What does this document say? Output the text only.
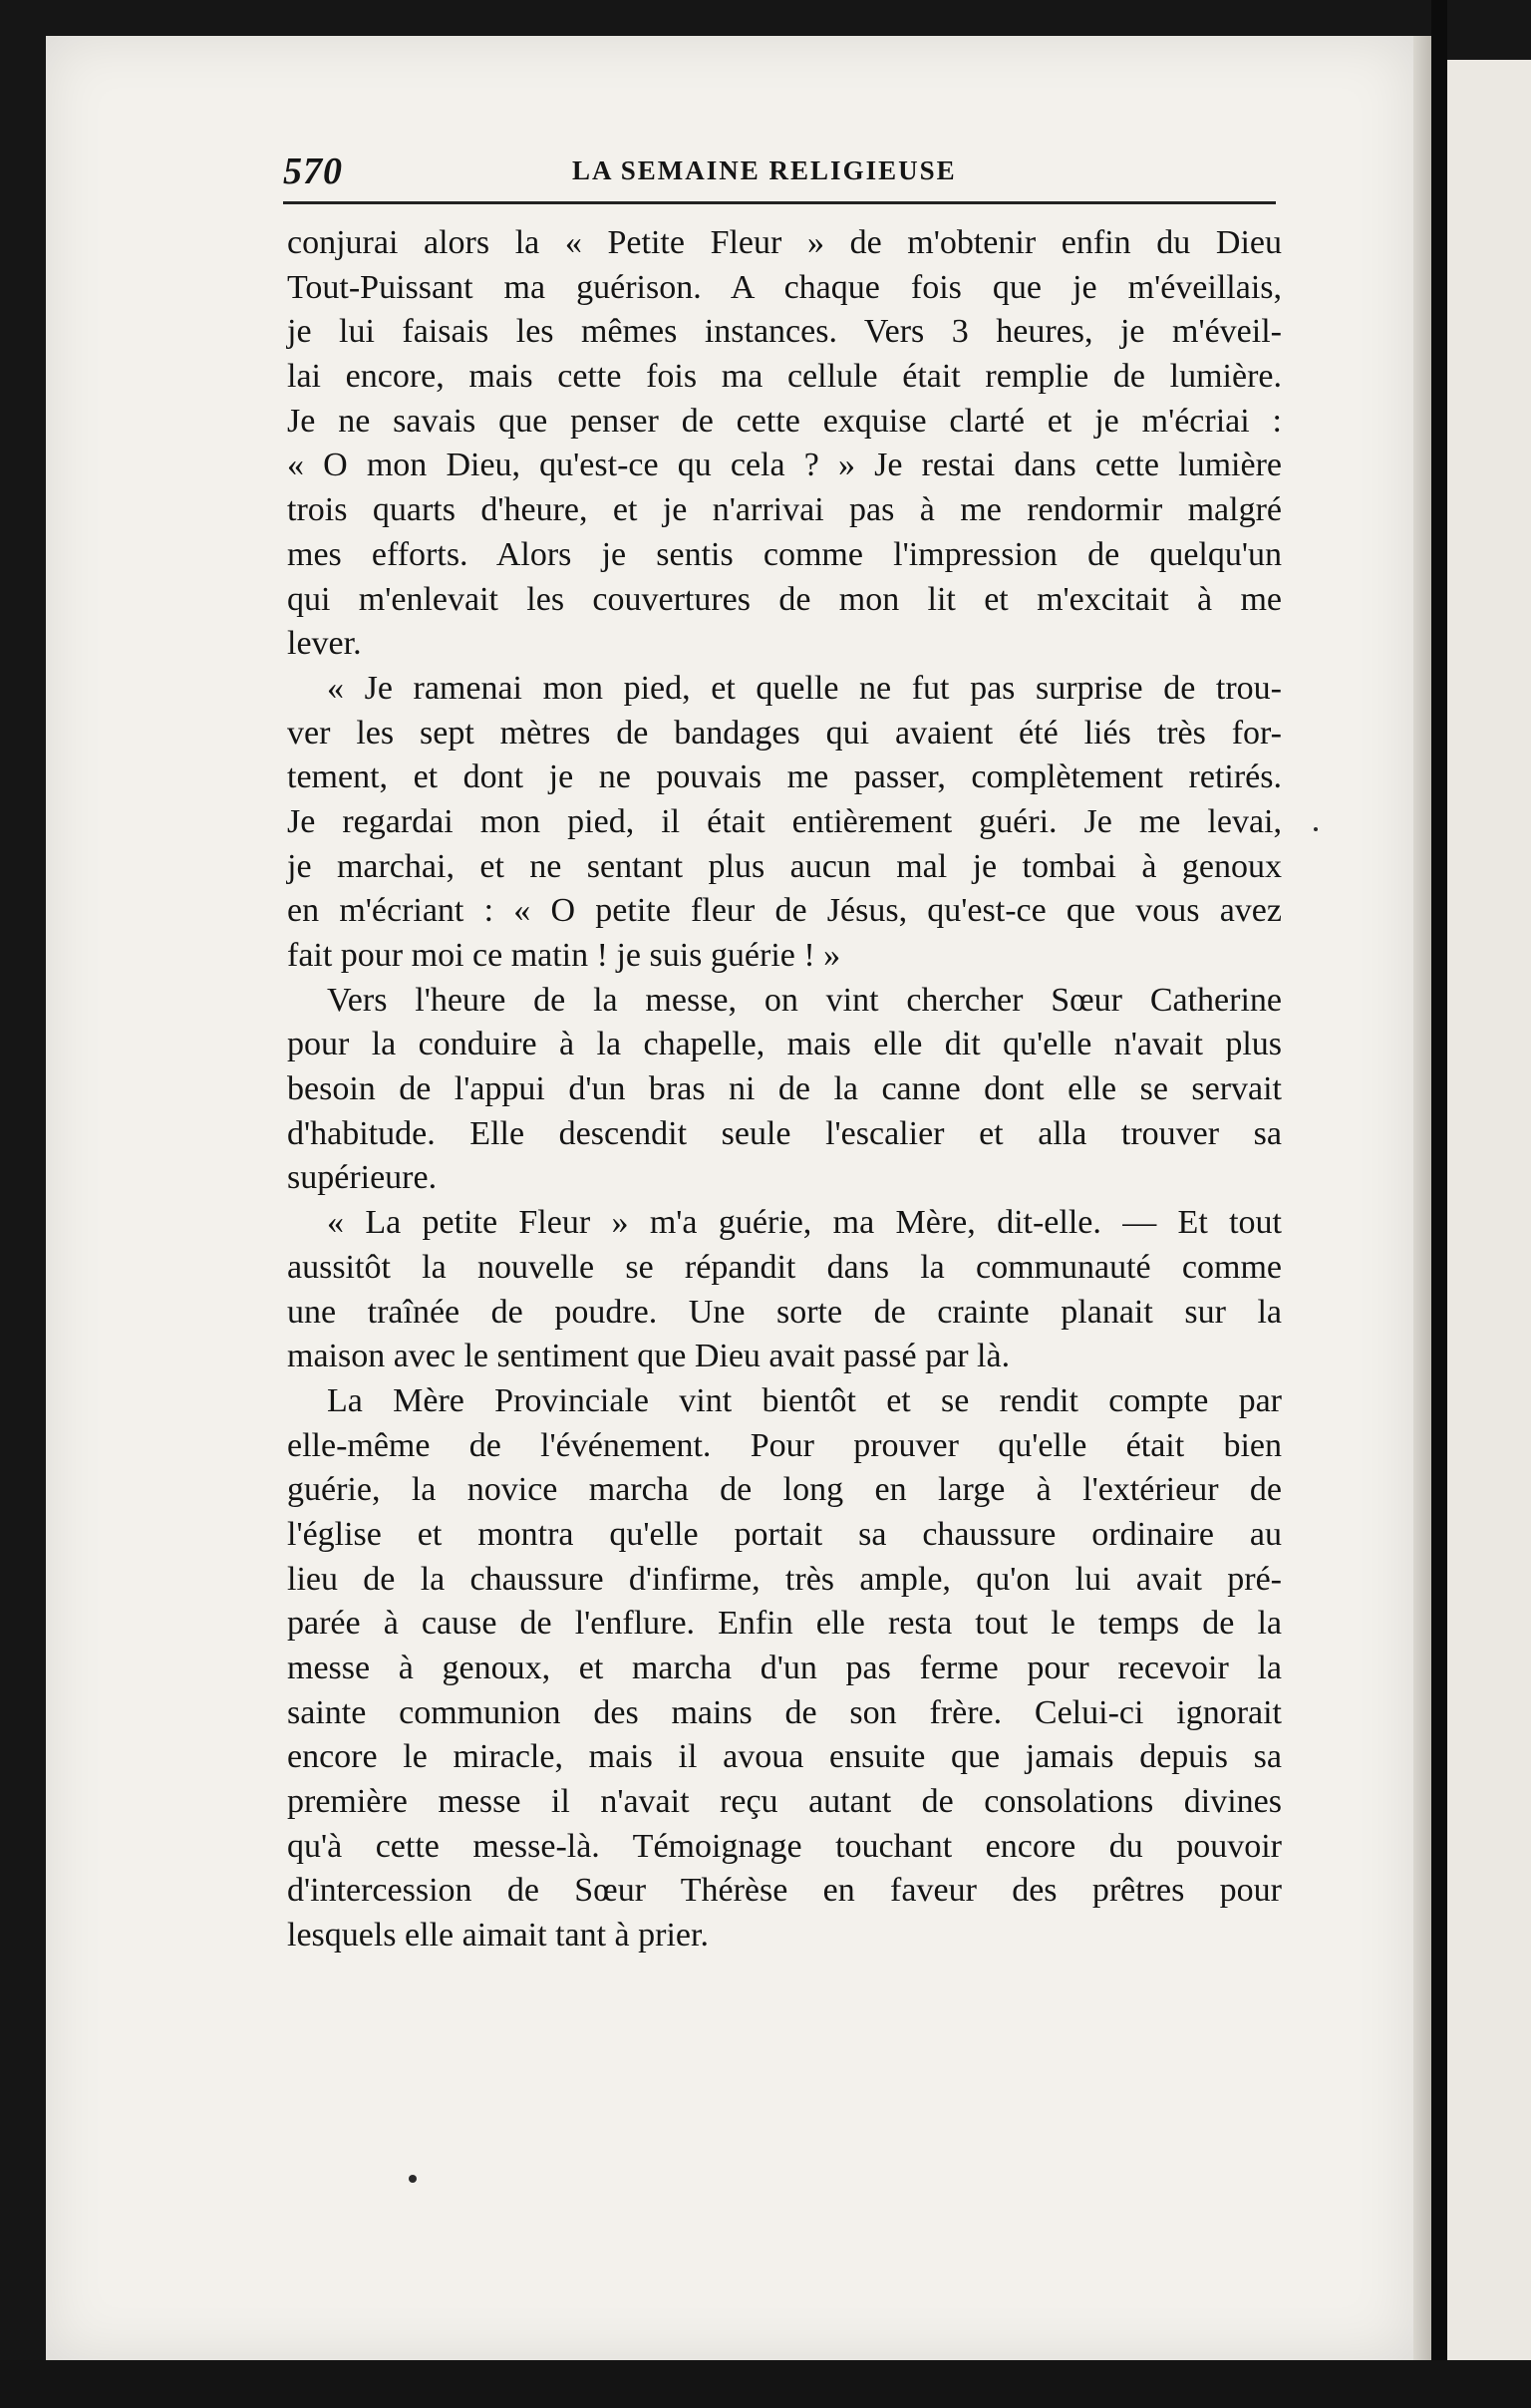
570	LA SEMAINE RELIGIEUSE
conjurai alors la « Petite Fleur » de m'obtenir enfin du Dieu
Tout-Puissant ma guérison. A chaque fois que je m'éveillais,
je lui faisais les mêmes instances. Vers 3 heures, je m'éveil-
lai encore, mais cette fois ma cellule était remplie de lumière.
Je ne savais que penser de cette exquise clarté et je m'écriai :
« O mon Dieu, qu'est-ce qu cela ? » Je restai dans cette lumière
trois quarts d'heure, et je n'arrivai pas à me rendormir malgré
mes efforts. Alors je sentis comme l'impression de quelqu'un
qui m'enlevait les couvertures de mon lit et m'excitait à me
lever.
« Je ramenai mon pied, et quelle ne fut pas surprise de trou-
ver les sept mètres de bandages qui avaient été liés très for-
tement, et dont je ne pouvais me passer, complètement retirés.
Je regardai mon pied, il était entièrement guéri. Je me levai,
je marchai, et ne sentant plus aucun mal je tombai à genoux
en m'écriant : « O petite fleur de Jésus, qu'est-ce que vous avez
fait pour moi ce matin ! je suis guérie ! »
Vers l'heure de la messe, on vint chercher Sœur Catherine
pour la conduire à la chapelle, mais elle dit qu'elle n'avait plus
besoin de l'appui d'un bras ni de la canne dont elle se servait
d'habitude. Elle descendit seule l'escalier et alla trouver sa
supérieure.
« La petite Fleur » m'a guérie, ma Mère, dit-elle. — Et tout
aussitôt la nouvelle se répandit dans la communauté comme
une traînée de poudre. Une sorte de crainte planait sur la
maison avec le sentiment que Dieu avait passé par là.
La Mère Provinciale vint bientôt et se rendit compte par
elle-même de l'événement. Pour prouver qu'elle était bien
guérie, la novice marcha de long en large à l'extérieur de
l'église et montra qu'elle portait sa chaussure ordinaire au
lieu de la chaussure d'infirme, très ample, qu'on lui avait pré-
parée à cause de l'enflure. Enfin elle resta tout le temps de la
messe à genoux, et marcha d'un pas ferme pour recevoir la
sainte communion des mains de son frère. Celui-ci ignorait
encore le miracle, mais il avoua ensuite que jamais depuis sa
première messe il n'avait reçu autant de consolations divines
qu'à cette messe-là. Témoignage touchant encore du pouvoir
d'intercession de Sœur Thérèse en faveur des prêtres pour
lesquels elle aimait tant à prier.
